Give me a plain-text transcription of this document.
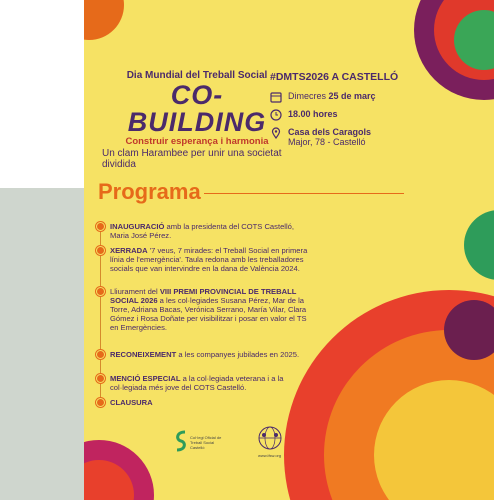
Dia Mundial del Treball Social
CO-BUILDING
Construir esperança i harmonia
Un clam Harambee per unir una societat dividida
#DMTS2026 A CASTELLÓ
Dimecres 25 de març
18.00 hores
Casa dels Caragols
Major, 78 - Castelló
Programa
INAUGURACIÓ amb la presidenta del COTS Castelló, Maria José Pérez.
XERRADA '7 veus, 7 mirades: el Treball Social en primera línia de l'emergència'. Taula redona amb les treballadores socials que van intervindre en la dana de València 2024.
Lliurament del VIII PREMI PROVINCIAL DE TREBALL SOCIAL 2026 a les col·legiades Susana Pérez, Mar de la Torre, Adriana Bacas, Verónica Serrano, María Vilar, Clara Gómez i Rosa Doñate per visibilitzar i posar en valor el TS en Emergències.
RECONEIXEMENT a les companyes jubilades en 2025.
MENCIÓ ESPECIAL a la col·legiada veterana i a la col·legiada més jove del COTS Castelló.
CLAUSURA
Col·legi Oficial de Treball Social Castelló
www.ifsw.org
